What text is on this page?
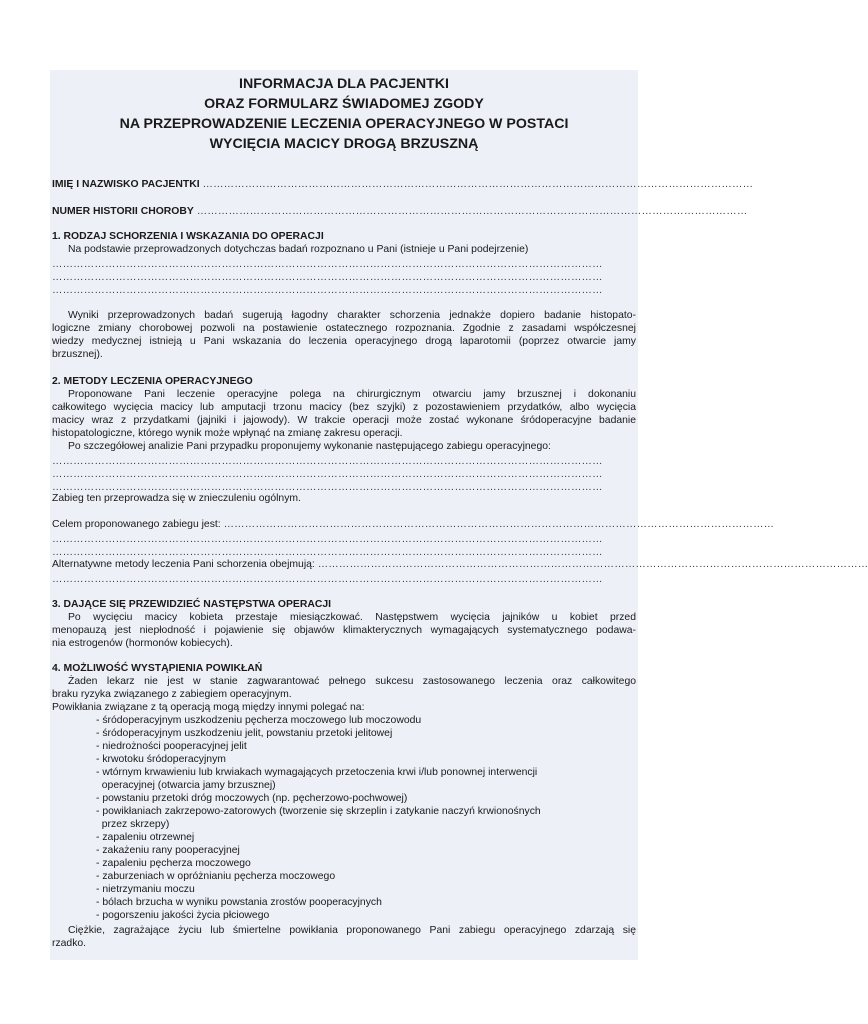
INFORMACJA DLA PACJENTKI
ORAZ FORMULARZ ŚWIADOMEJ ZGODY
NA PRZEPROWADZENIE LECZENIA OPERACYJNEGO W POSTACI
WYCIĘCIA MACICY DROGĄ BRZUSZNĄ
IMIĘ I NAZWISKO PACJENTKI …………………………………………………………………………………………………………………………………………
NUMER HISTORII CHOROBY …………………………………………………………………………………………………………………………………………
1. RODZAJ SCHORZENIA I WSKAZANIA DO OPERACJI
Na podstawie przeprowadzonych dotychczas badań rozpoznano u Pani (istnieje u Pani podejrzenie)
…………………………………………………………………………………………………………………………………………
…………………………………………………………………………………………………………………………………………
…………………………………………………………………………………………………………………………………………
Wyniki przeprowadzonych badań sugerują łagodny charakter schorzenia jednakże dopiero badanie histopato-
logiczne zmiany chorobowej pozwoli na postawienie ostatecznego rozpoznania. Zgodnie z zasadami współczesnej
wiedzy medycznej istnieją u Pani wskazania do leczenia operacyjnego drogą laparotomii (poprzez otwarcie jamy
brzusznej).
2. METODY LECZENIA OPERACYJNEGO
Proponowane Pani leczenie operacyjne polega na chirurgicznym otwarciu jamy brzusznej i dokonaniu
całkowitego wycięcia macicy lub amputacji trzonu macicy (bez szyjki) z pozostawieniem przydatków, albo wycięcia
macicy wraz z przydatkami (jajniki i jajowody). W trakcie operacji może zostać wykonane śródoperacyjne badanie
histopatologiczne, którego wynik może wpłynąć na zmianę zakresu operacji.
Po szczegółowej analizie Pani przypadku proponujemy wykonanie następującego zabiegu operacyjnego:
…………………………………………………………………………………………………………………………………………
…………………………………………………………………………………………………………………………………………
…………………………………………………………………………………………………………………………………………
Zabieg ten przeprowadza się w znieczuleniu ogólnym.
Celem proponowanego zabiegu jest: …………………………………………………………………………………………………………………………………………
…………………………………………………………………………………………………………………………………………
…………………………………………………………………………………………………………………………………………
Alternatywne metody leczenia Pani schorzenia obejmują: …………………………………………………………………………………………………………………………………………
…………………………………………………………………………………………………………………………………………
3. DAJĄCE SIĘ PRZEWIDZIEĆ NASTĘPSTWA OPERACJI
Po wycięciu macicy kobieta przestaje miesiączkować. Następstwem wycięcia jajników u kobiet przed
menopauzą jest niepłodność i pojawienie się objawów klimakterycznych wymagających systematycznego podawa-
nia estrogenów (hormonów kobiecych).
4. MOŻLIWOŚĆ WYSTĄPIENIA POWIKŁAŃ
Żaden lekarz nie jest w stanie zagwarantować pełnego sukcesu zastosowanego leczenia oraz całkowitego
braku ryzyka związanego z zabiegiem operacyjnym.
Powikłania związane z tą operacją mogą między innymi polegać na:
- śródoperacyjnym uszkodzeniu pęcherza moczowego lub moczowodu
- śródoperacyjnym uszkodzeniu jelit, powstaniu przetoki jelitowej
- niedrożności pooperacyjnej jelit
- krwotoku śródoperacyjnym
- wtórnym krwawieniu lub krwiakach wymagających przetoczenia krwi i/lub ponownej interwencji
operacyjnej (otwarcia jamy brzusznej)
- powstaniu przetoki dróg moczowych (np. pęcherzowo-pochwowej)
- powikłaniach zakrzepowo-zatorowych (tworzenie się skrzeplin i zatykanie naczyń krwionośnych
przez skrzepy)
- zapaleniu otrzewnej
- zakażeniu rany pooperacyjnej
- zapaleniu pęcherza moczowego
- zaburzeniach w opróżnianiu pęcherza moczowego
- nietrzymaniu moczu
- bólach brzucha w wyniku powstania zrostów pooperacyjnych
- pogorszeniu jakości życia płciowego
Ciężkie, zagrażające życiu lub śmiertelne powikłania proponowanego Pani zabiegu operacyjnego zdarzają się
rzadko.
